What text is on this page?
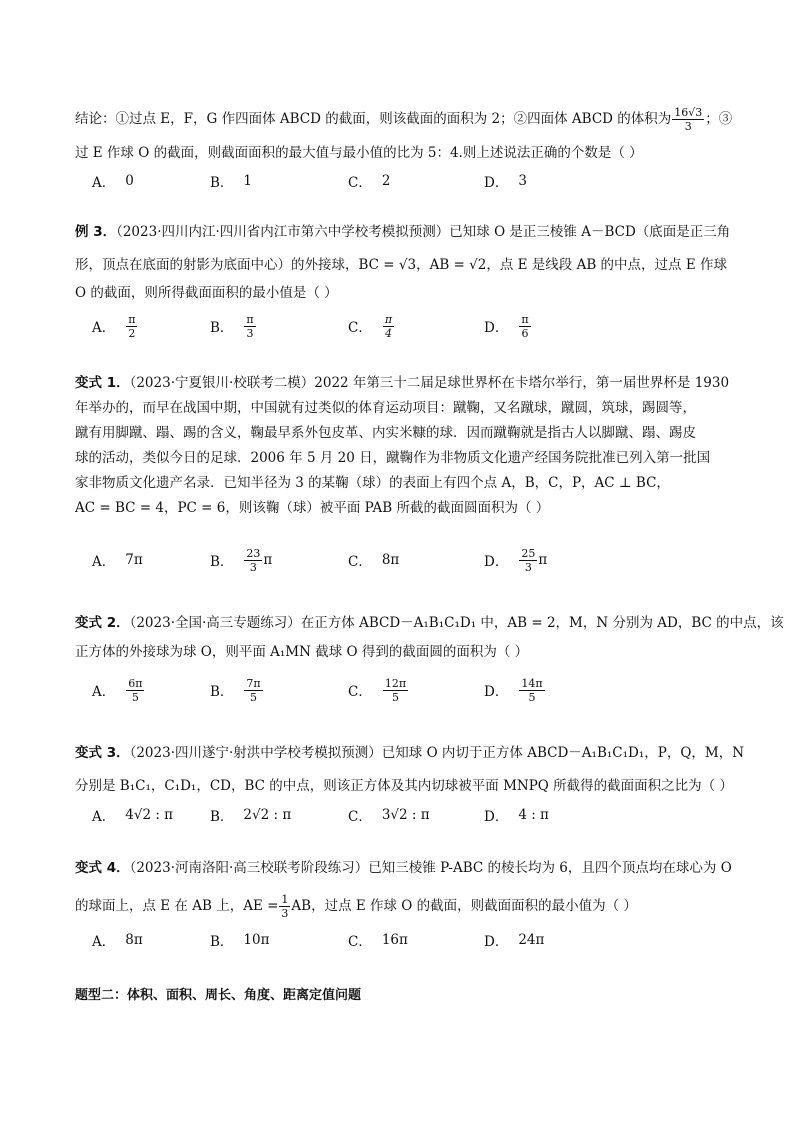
结论：①过点 E，F，G 作四面体 ABCD 的截面，则该截面的面积为 2；②四面体 ABCD 的体积为 $\frac{16√3}{3}$ ；③
过 E 作球 O 的截面，则截面面积的最大值与最小值的比为 5：4.则上述说法正确的个数是（ ）
A． 0	B． 1	C． 2	D． 3
例 3．（2023·四川内江·四川省内江市第六中学校考模拟预测）已知球 O 是正三棱锥 A－BCD（底面是正三角
形，顶点在底面的射影为底面中心）的外接球，BC = √3，AB = √2，点 E 是线段 AB 的中点，过点 E 作球
O 的截面，则所得截面面积的最小值是（ ）
A． $\frac{\pi}{2}$	B． $\frac{\pi}{3}$	C． $\frac{\pi}{4}$	D． $\frac{\pi}{6}$
变式 1．（2023·宁夏银川·校联考二模）2022 年第三十二届足球世界杯在卡塔尔举行，第一届世界杯是 1930
年举办的，而早在战国中期，中国就有过类似的体育运动项目：蹴鞠，又名蹴球，蹴圆，筑球，踢圆等，
蹴有用脚蹴、蹋、踢的含义，鞠最早系外包皮革、内实米糠的球．因而蹴鞠就是指古人以脚蹴、蹋、踢皮
球的活动，类似今日的足球．2006 年 5 月 20 日，蹴鞠作为非物质文化遗产经国务院批准已列入第一批国
家非物质文化遗产名录．已知半径为 3 的某鞠（球）的表面上有四个点 A，B，C，P，AC ⊥ BC，
AC = BC = 4，PC = 6，则该鞠（球）被平面 PAB 所截的截面圆面积为（ ）
A． 7π	B． $\frac{23}{3}$ π	C． 8π	D． $\frac{25}{3}$ π
变式 2．（2023·全国·高三专题练习）在正方体 ABCD－A₁B₁C₁D₁ 中，AB = 2，M，N 分别为 AD，BC 的中点，该
正方体的外接球为球 O，则平面 A₁MN 截球 O 得到的截面圆的面积为（ ）
A． $\frac{6\pi}{5}$	B． $\frac{7\pi}{5}$	C． $\frac{12\pi}{5}$	D． $\frac{14\pi}{5}$
变式 3．（2023·四川遂宁·射洪中学校考模拟预测）已知球 O 内切于正方体 ABCD－A₁B₁C₁D₁，P，Q，M，N
分别是 B₁C₁，C₁D₁，CD，BC 的中点，则该正方体及其内切球被平面 MNPQ 所截得的截面面积之比为（ ）
A． 4√2 : π	B． 2√2 : π	C． 3√2 : π	D． 4 : π
变式 4．（2023·河南洛阳·高三校联考阶段练习）已知三棱锥 P-ABC 的棱长均为 6，且四个顶点均在球心为 O
的球面上，点 E 在 AB 上，AE = $\frac{1}{3}$ AB，过点 E 作球 O 的截面，则截面面积的最小值为（ ）
A． 8π	B． 10π	C． 16π	D． 24π
题型二：体积、面积、周长、角度、距离定值问题
